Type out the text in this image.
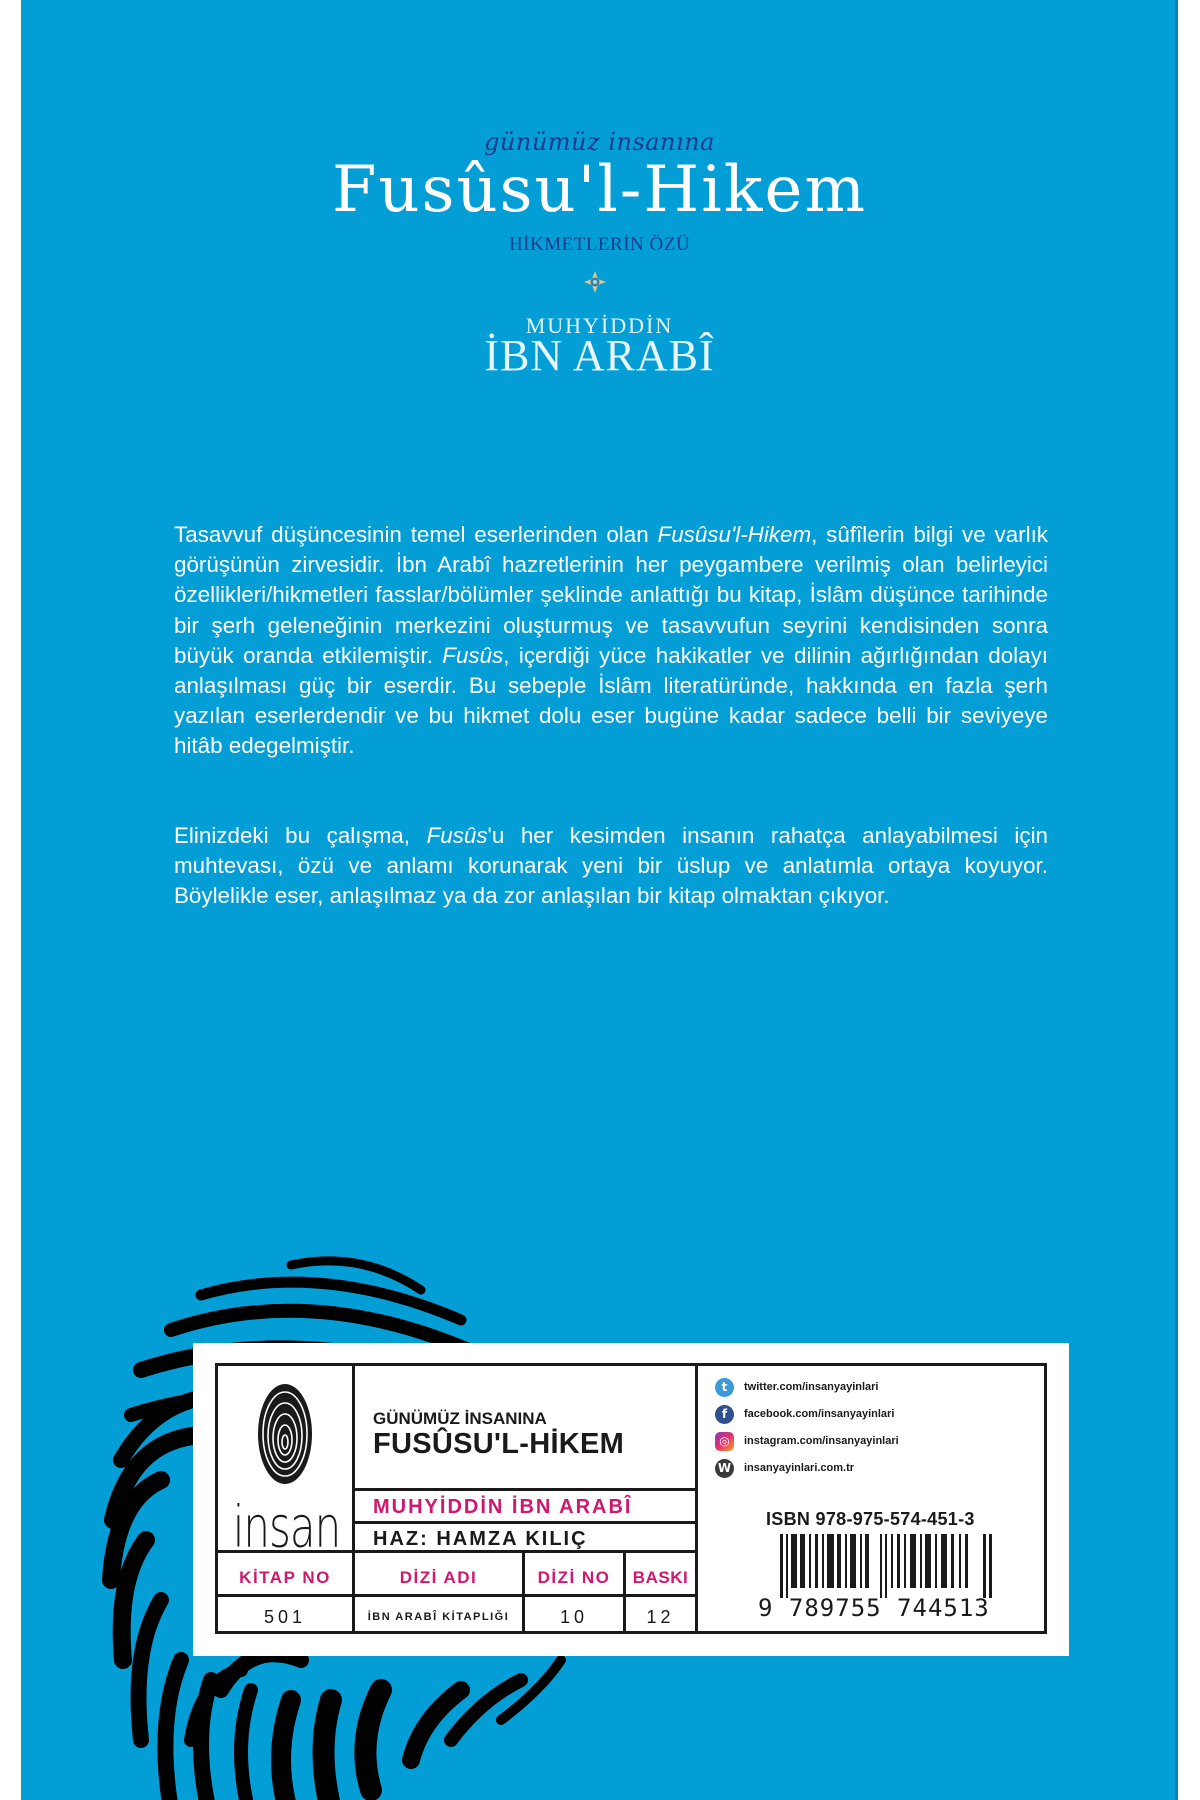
günümüz insanına
Fusûsu'l-Hikem
HİKMETLERİN ÖZÜ
MUHYİDDİN
İBN ARABÎ

Tasavvuf düşüncesinin temel eserlerinden olan Fusûsu'l-Hikem, sûfîlerin bilgi ve varlık görüşünün zirvesidir. İbn Arabî hazretlerinin her peygambere verilmiş olan belirleyici özellikleri/hikmetleri fasslar/bölümler şeklinde anlattığı bu kitap, İslâm düşünce tarihinde bir şerh geleneğinin merkezini oluşturmuş ve tasavvufun seyrini kendisinden sonra büyük oranda etkilemiştir. Fusûs, içerdiği yüce hakikatler ve dilinin ağırlığından dolayı anlaşılması güç bir eserdir. Bu sebeple İslâm literatüründe, hakkında en fazla şerh yazılan eserlerdendir ve bu hikmet dolu eser bugüne kadar sadece belli bir seviyeye hitâb edegelmiştir.

Elinizdeki bu çalışma, Fusûs'u her kesimden insanın rahatça anlayabilmesi için muhtevası, özü ve anlamı korunarak yeni bir üslup ve anlatımla ortaya koyuyor. Böylelikle eser, anlaşılmaz ya da zor anlaşılan bir kitap olmaktan çıkıyor.

insan
GÜNÜMÜZ İNSANINA
FUSÛSU'L-HİKEM
MUHYİDDİN İBN ARABÎ
HAZ: HAMZA KILIÇ
KİTAP NO	DİZİ ADI	DİZİ NO	BASKI
501	İBN ARABÎ KİTAPLIĞI	10	12
t	twitter.com/insanyayinlari
f	facebook.com/insanyayinlari
◎	instagram.com/insanyayinlari
W insanyayinlari.com.tr
ISBN 978-975-574-451-3
9 789755 744513
